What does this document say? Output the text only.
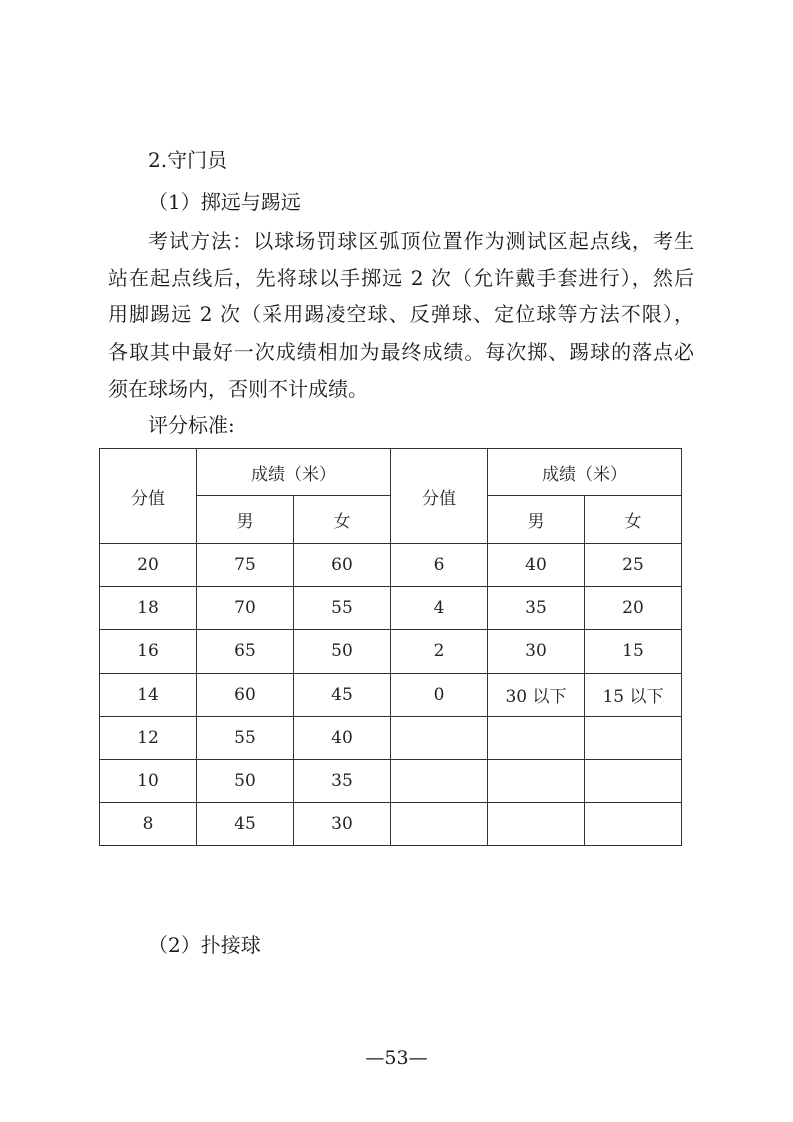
2.守门员
（1）掷远与踢远
考试方法：以球场罚球区弧顶位置作为测试区起点线，考生
站在起点线后，先将球以手掷远 2 次（允许戴手套进行），然后
用脚踢远 2 次（采用踢凌空球、反弹球、定位球等方法不限），
各取其中最好一次成绩相加为最终成绩。每次掷、踢球的落点必
须在球场内，否则不计成绩。
评分标准:
分值	成绩（米）		分值	成绩（米）	
	男	女		男	女
20	75	60	6	40	25
18	70	55	4	35	20
16	65	50	2	30	15
14	60	45	0	30 以下	15 以下
12	55	40			
10	50	35			
8	45	30			
（2）扑接球
—53—
